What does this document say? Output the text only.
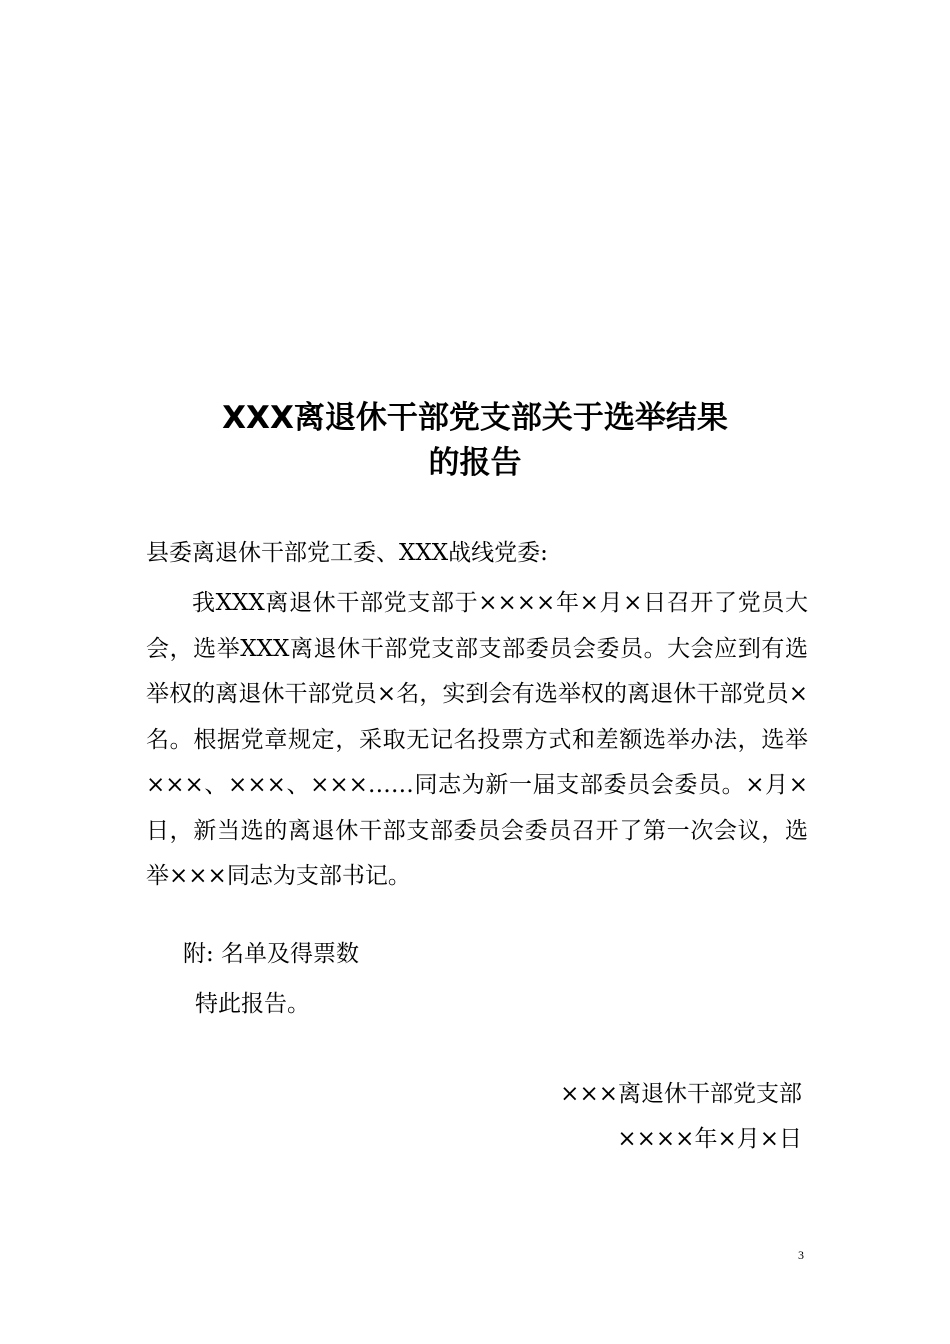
XXX离退休干部党支部关于选举结果
的报告
县委离退休干部党工委、XXX战线党委:

我XXX离退休干部党支部于××××年×月×日召开了党员大会，选举XXX离退休干部党支部支部委员会委员。大会应到有选举权的离退休干部党员×名，实到会有选举权的离退休干部党员×名。根据党章规定，采取无记名投票方式和差额选举办法，选举×××、×××、×××……同志为新一届支部委员会委员。×月×日，新当选的离退休干部支部委员会委员召开了第一次会议，选举×××同志为支部书记。

附: 名单及得票数
特此报告。
×××离退休干部党支部
××××年×月×日
3
